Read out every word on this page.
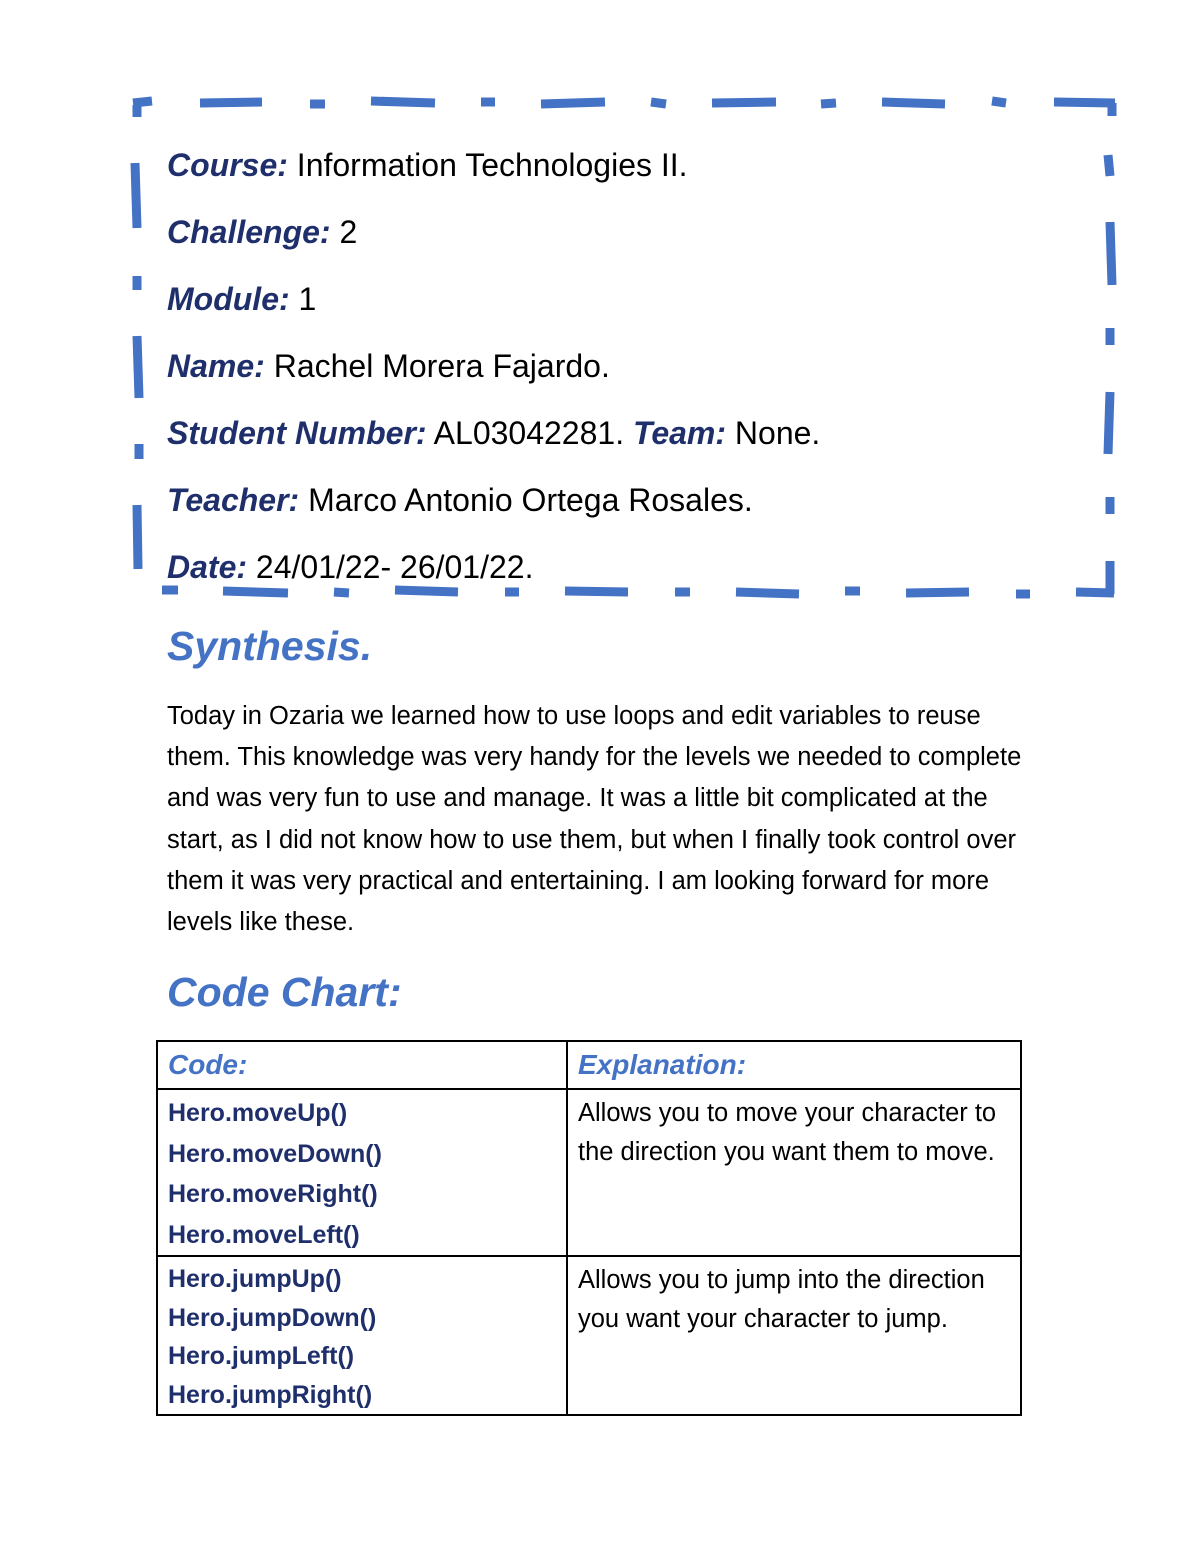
Course: Information Technologies II.
Challenge: 2
Module: 1
Name: Rachel Morera Fajardo.
Student Number: AL03042281. Team: None.
Teacher: Marco Antonio Ortega Rosales.
Date: 24/01/22- 26/01/22.
Synthesis.
Today in Ozaria we learned how to use loops and edit variables to reuse them. This knowledge was very handy for the levels we needed to complete and was very fun to use and manage. It was a little bit complicated at the start, as I did not know how to use them, but when I finally took control over them it was very practical and entertaining. I am looking forward for more levels like these.
Code Chart:
Code:	Explanation:

Hero.moveUp()
Hero.moveDown()
Hero.moveRight()
Hero.moveLeft()	Allows you to move your character to the direction you want them to move.

Hero.jumpUp()
Hero.jumpDown()
Hero.jumpLeft()
Hero.jumpRight()	Allows you to jump into the direction you want your character to jump.
